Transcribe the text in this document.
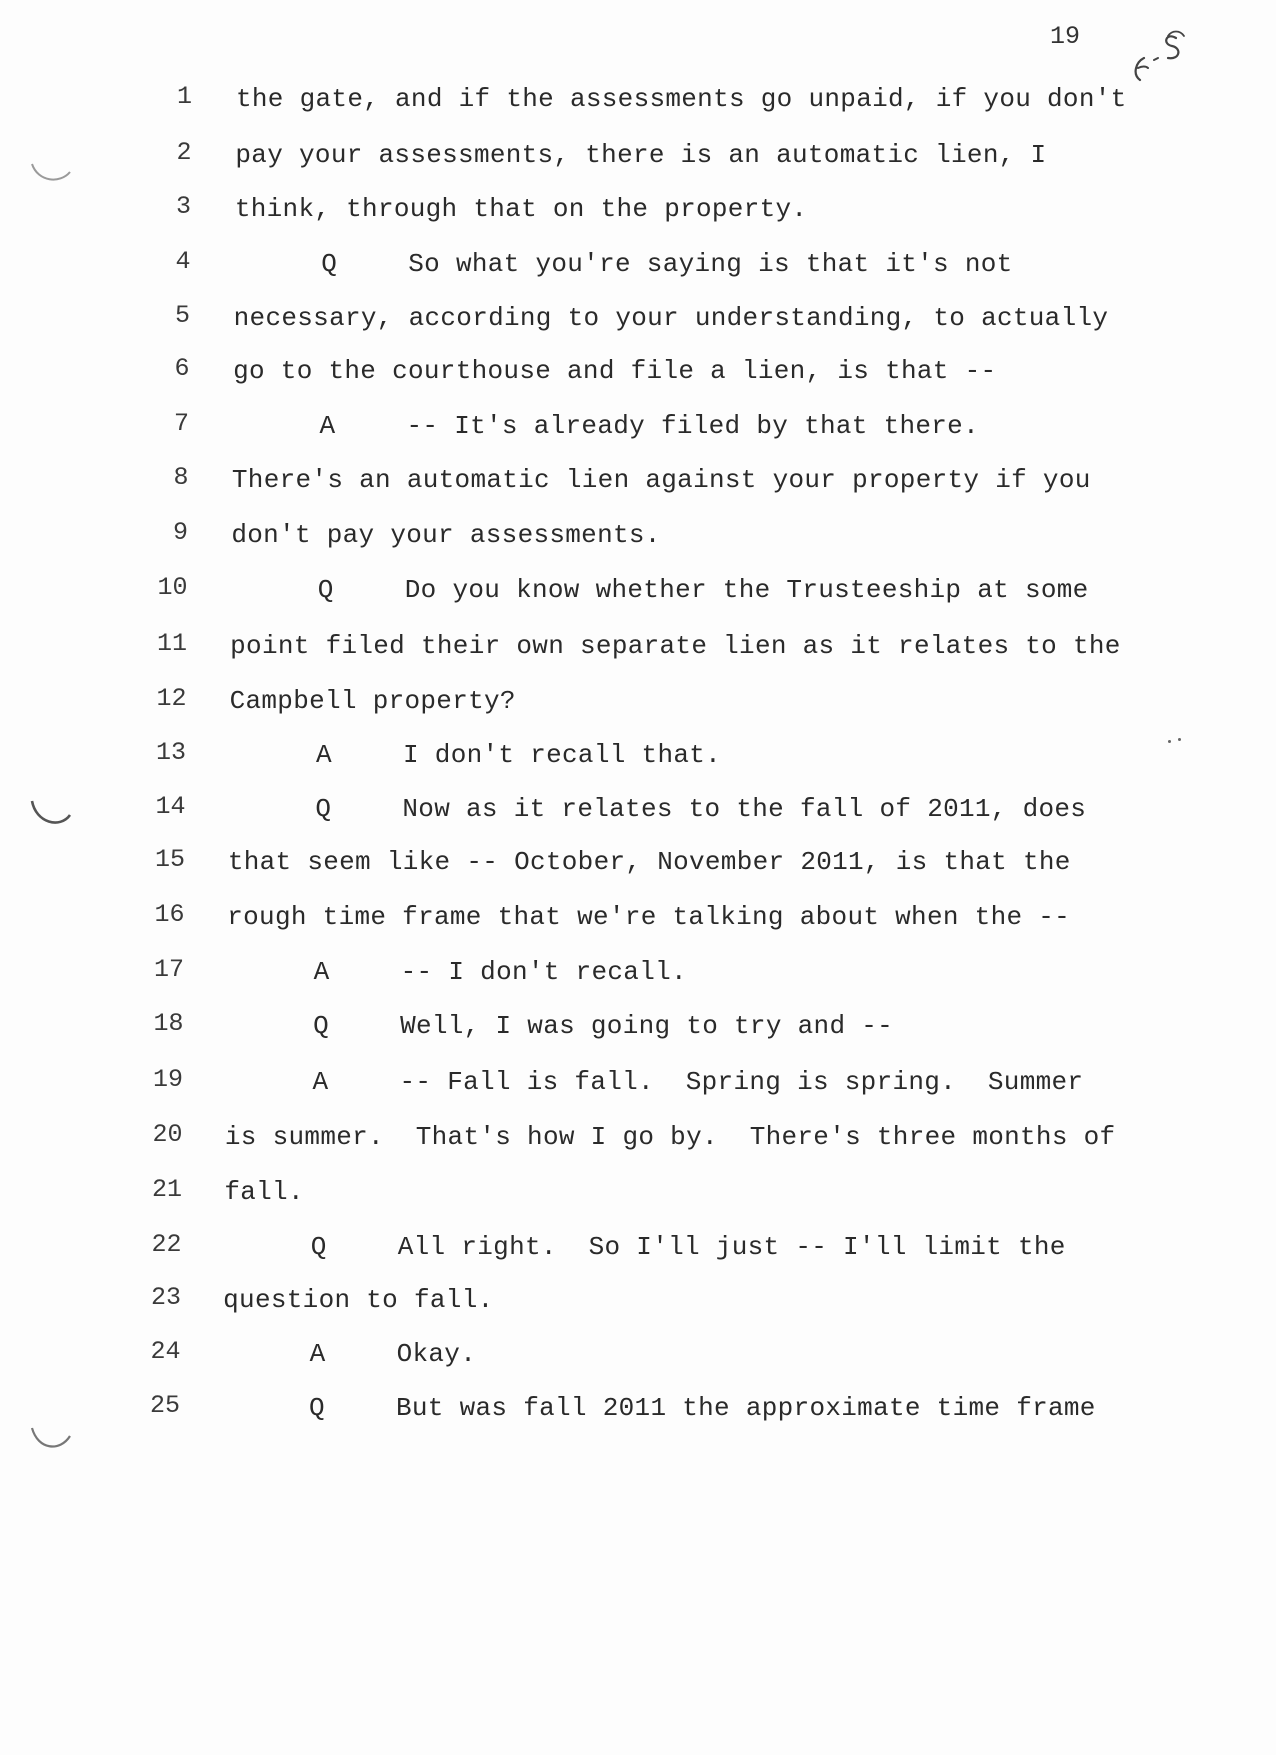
19
1 the gate, and if the assessments go unpaid, if you don't
2 pay your assessments, there is an automatic lien, I
3 think, through that on the property.
4	Q	So what you're saying is that it's not
5 necessary, according to your understanding, to actually
6 go to the courthouse and file a lien, is that --
7	A	-- It's already filed by that there.
8 There's an automatic lien against your property if you
9 don't pay your assessments.
10	Q	Do you know whether the Trusteeship at some
11 point filed their own separate lien as it relates to the
12 Campbell property?
13	A	I don't recall that.
14	Q	Now as it relates to the fall of 2011, does
15 that seem like -- October, November 2011, is that the
16 rough time frame that we're talking about when the --
17	A	-- I don't recall.
18	Q	Well, I was going to try and --
19	A	-- Fall is fall.  Spring is spring.  Summer
20 is summer.  That's how I go by.  There's three months of
21 fall.
22	Q	All right.  So I'll just -- I'll limit the
23 question to fall.
24	A	Okay.
25	Q	But was fall 2011 the approximate time frame
